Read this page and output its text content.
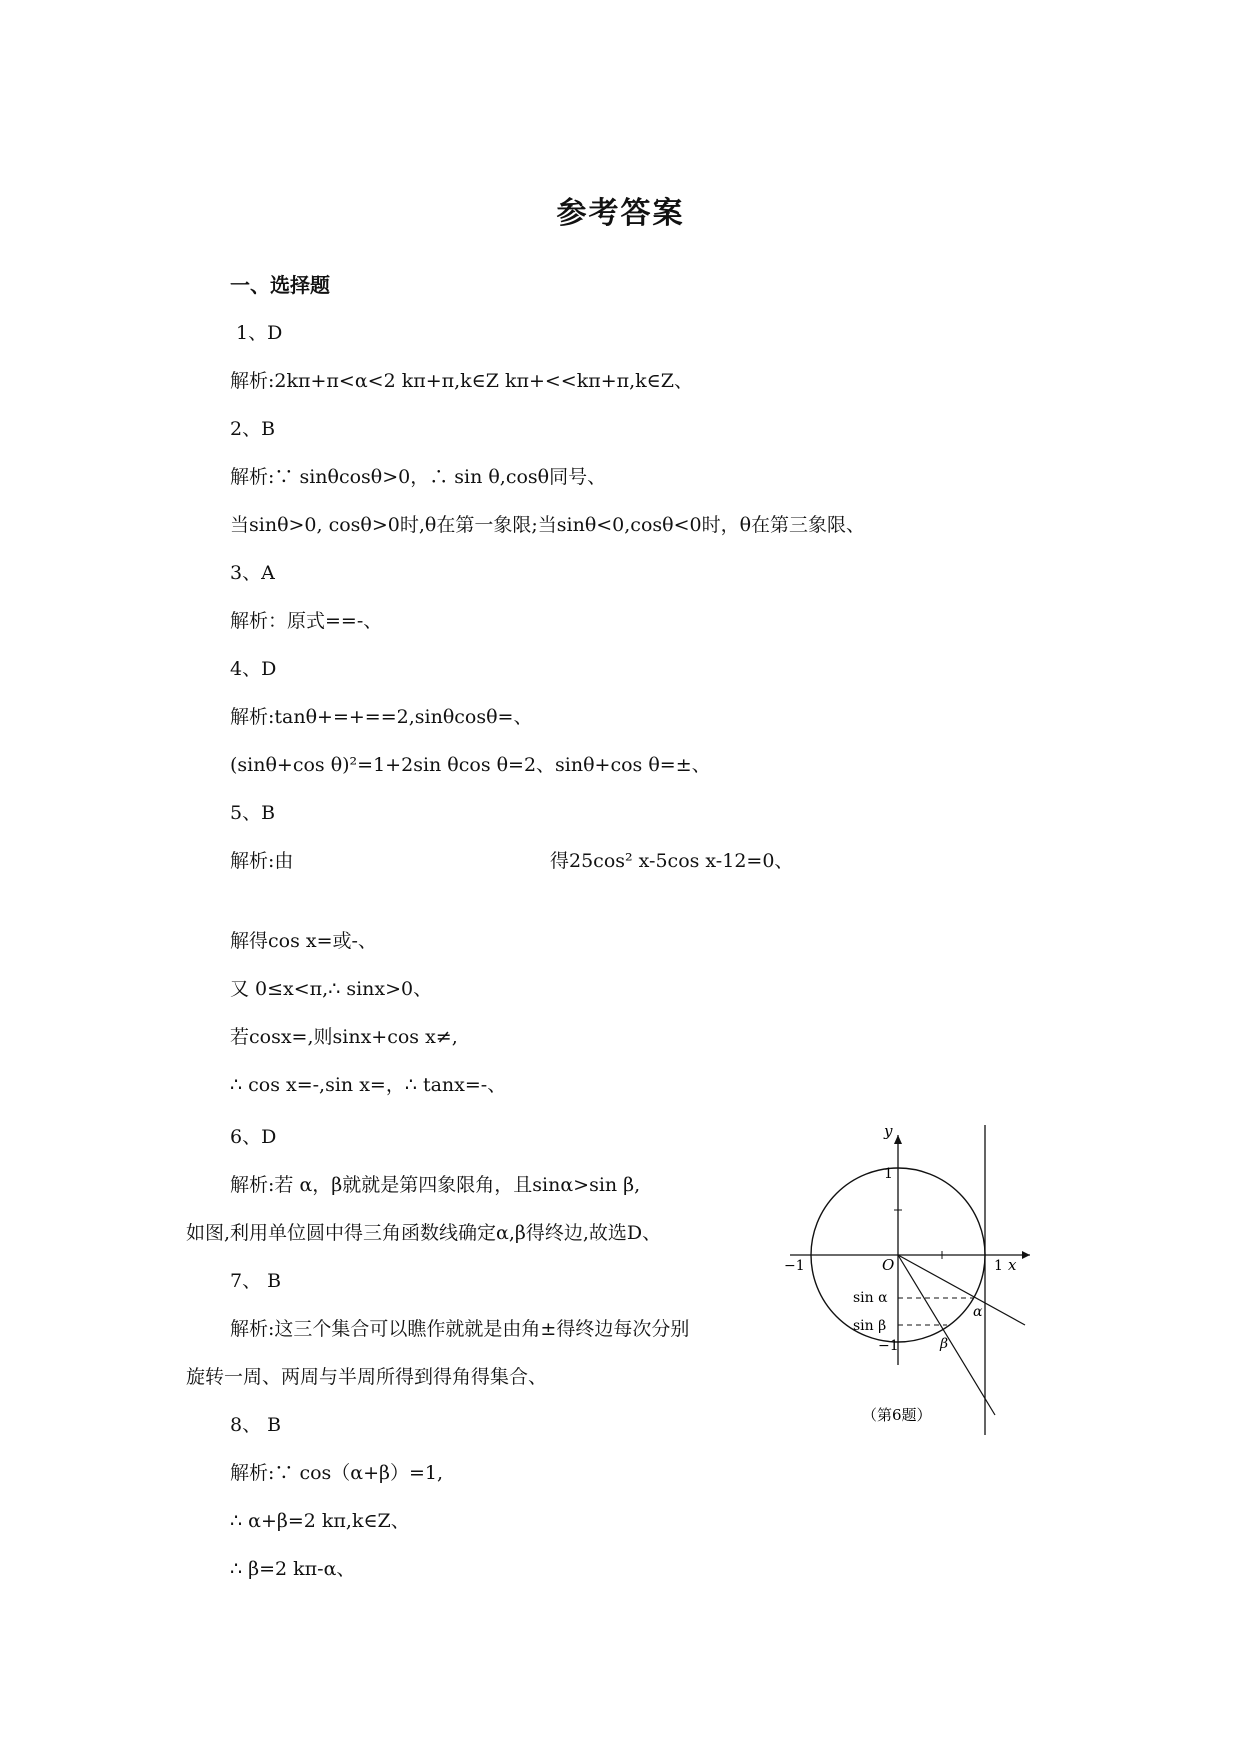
参考答案
一、选择题
1、D
解析:2kπ+π<α<2 kπ+π,k∈Z kπ+<<kπ+π,k∈Z、
2、B
解析:∵ sinθcosθ>0，∴ sin θ,cosθ同号、
当sinθ>0, cosθ>0时,θ在第一象限;当sinθ<0,cosθ<0时，θ在第三象限、
3、A
解析：原式==-、
4、D
解析:tanθ+=+==2,sinθcosθ=、
(sinθ+cos θ)²=1+2sin θcos θ=2、sinθ+cos θ=±、
5、B
解析:由	得25cos² x-5cos x-12=0、
解得cos x=或-、
又 0≤x<π,∴ sinx>0、
若cosx=,则sinx+cos x≠,
∴ cos x=-,sin x=，∴ tanx=-、
6、D
解析:若 α，β就就是第四象限角，且sinα>sin β,
如图,利用单位圆中得三角函数线确定α,β得终边,故选D、
7、 B
解析:这三个集合可以瞧作就就是由角±得终边每次分别
旋转一周、两周与半周所得到得角得集合、
8、 B
解析:∵ cos（α+β）=1,
∴ α+β=2 kπ,k∈Z、
∴ β=2 kπ-α、
y
x
O
1
−1	1
−1
sin α
sin β
α
β
（第6题）
